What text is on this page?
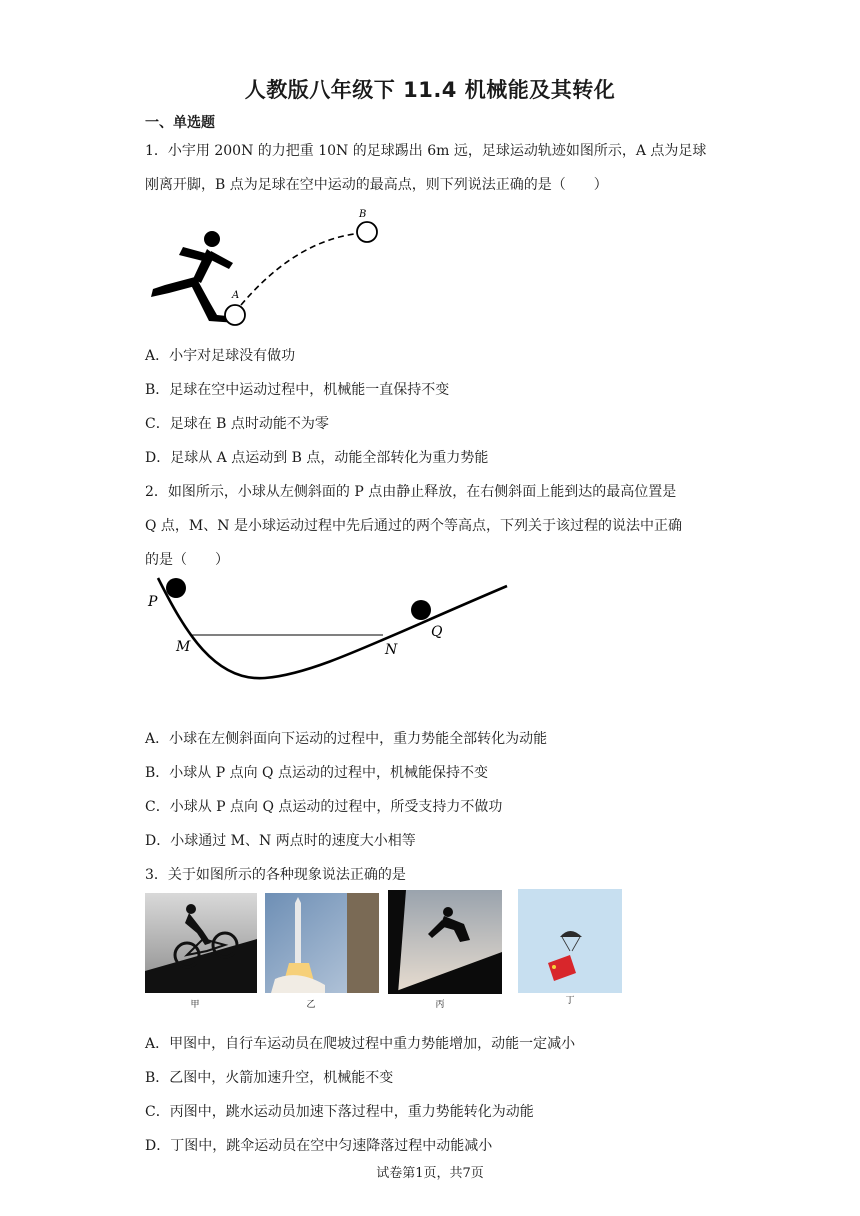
人教版八年级下 11.4 机械能及其转化
一、单选题
1．小宇用 200N 的力把重 10N 的足球踢出 6m 远，足球运动轨迹如图所示，A 点为足球
刚离开脚，B 点为足球在空中运动的最高点，则下列说法正确的是（　　）
A
B
A．小宇对足球没有做功
B．足球在空中运动过程中，机械能一直保持不变
C．足球在 B 点时动能不为零
D．足球从 A 点运动到 B 点，动能全部转化为重力势能
2．如图所示，小球从左侧斜面的 P 点由静止释放，在右侧斜面上能到达的最高位置是
Q 点，M、N 是小球运动过程中先后通过的两个等高点，下列关于该过程的说法中正确
的是（　　）
P
M	N
Q
A．小球在左侧斜面向下运动的过程中，重力势能全部转化为动能
B．小球从 P 点向 Q 点运动的过程中，机械能保持不变
C．小球从 P 点向 Q 点运动的过程中，所受支持力不做功
D．小球通过 M、N 两点时的速度大小相等
3．关于如图所示的各种现象说法正确的是
甲	乙	丙	丁
A．甲图中，自行车运动员在爬坡过程中重力势能增加，动能一定减小
B．乙图中，火箭加速升空，机械能不变
C．丙图中，跳水运动员加速下落过程中，重力势能转化为动能
D．丁图中，跳伞运动员在空中匀速降落过程中动能减小
试卷第1页，共7页
